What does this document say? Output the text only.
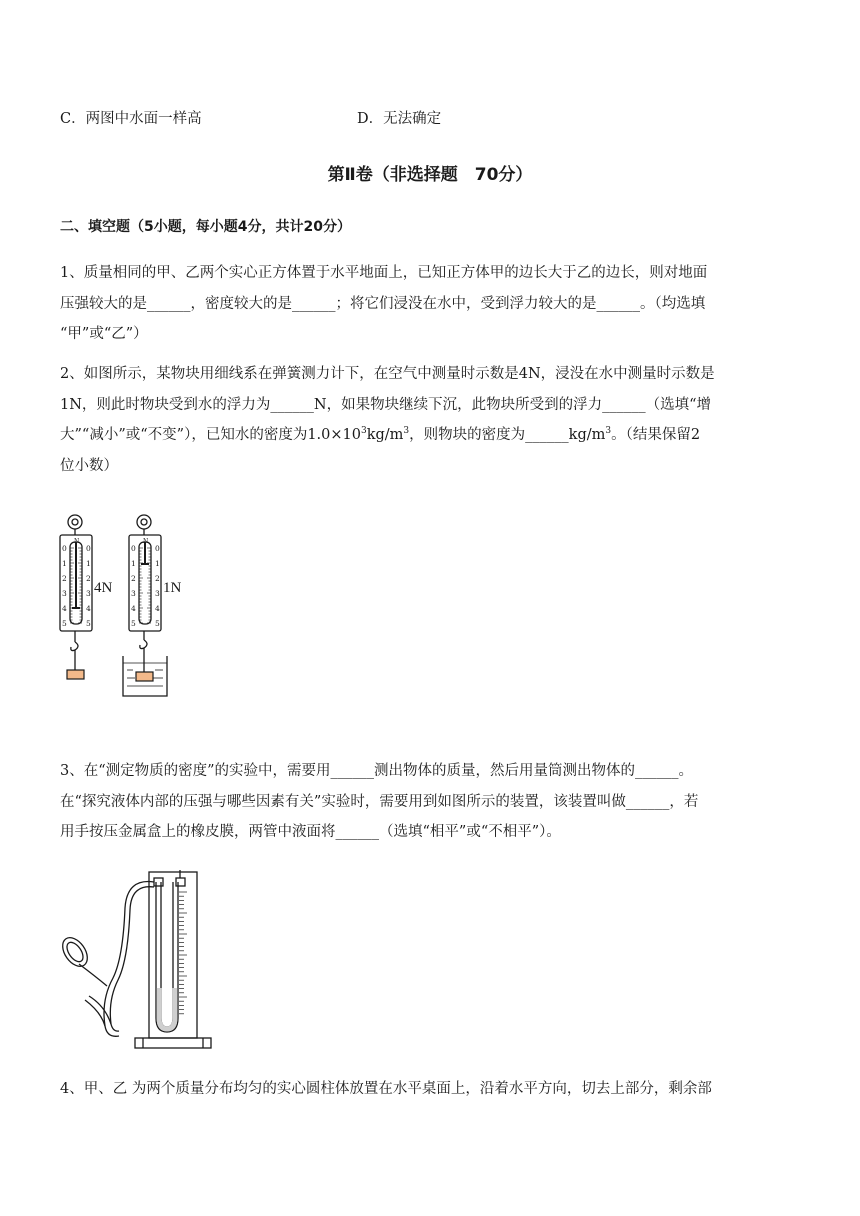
C．两图中水面一样高	D．无法确定
第Ⅱ卷（非选择题　70分）
二、填空题（5小题，每小题4分，共计20分）
1、质量相同的甲、乙两个实心正方体置于水平地面上，已知正方体甲的边长大于乙的边长，则对地面
压强较大的是______，密度较大的是______；将它们浸没在水中，受到浮力较大的是______。（均选填
“甲”或“乙”）
2、如图所示，某物块用细线系在弹簧测力计下，在空气中测量时示数是4N，浸没在水中测量时示数是
1N，则此时物块受到水的浮力为______N，如果物块继续下沉，此物块所受到的浮力______（选填“增
大”“减小”或“不变”），已知水的密度为$1.0\times 10^3kg/m^3$，则物块的密度为$\_\_\_\_\_\_kg/m^3$。（结果保留2
位小数）
4N	1N
N
0	0
1	1
2	2
3	3
4	4
5	5
N
0	0
1	1
2	2
3	3
4	4
5	5
3、在“测定物质的密度”的实验中，需要用______测出物体的质量，然后用量筒测出物体的______。
在“探究液体内部的压强与哪些因素有关”实验时，需要用到如图所示的装置，该装置叫做______，若
用手按压金属盒上的橡皮膜，两管中液面将______（选填“相平”或“不相平”）。
4、甲、乙 为两个质量分布均匀的实心圆柱体放置在水平桌面上，沿着水平方向，切去上部分，剩余部
